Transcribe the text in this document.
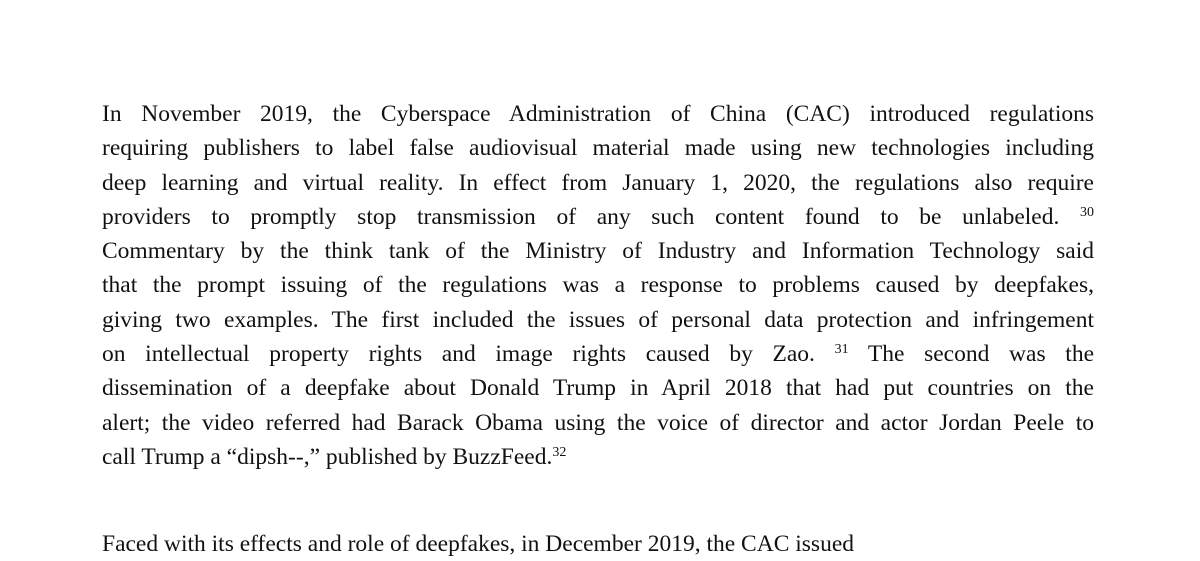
In November 2019, the Cyberspace Administration of China (CAC) introduced regulations
requiring publishers to label false audiovisual material made using new technologies including
deep learning and virtual reality. In effect from January 1, 2020, the regulations also require
providers to promptly stop transmission of any such content found to be unlabeled. $^{30}$
Commentary by the think tank of the Ministry of Industry and Information Technology said
that the prompt issuing of the regulations was a response to problems caused by deepfakes,
giving two examples. The first included the issues of personal data protection and infringement
on intellectual property rights and image rights caused by Zao. $^{31}$ The second was the
dissemination of a deepfake about Donald Trump in April 2018 that had put countries on the
alert; the video referred had Barack Obama using the voice of director and actor Jordan Peele to
call Trump a “dipsh--,” published by BuzzFeed.$^{32}$

Faced with its effects and role of deepfakes, in December 2019, the CAC issued
